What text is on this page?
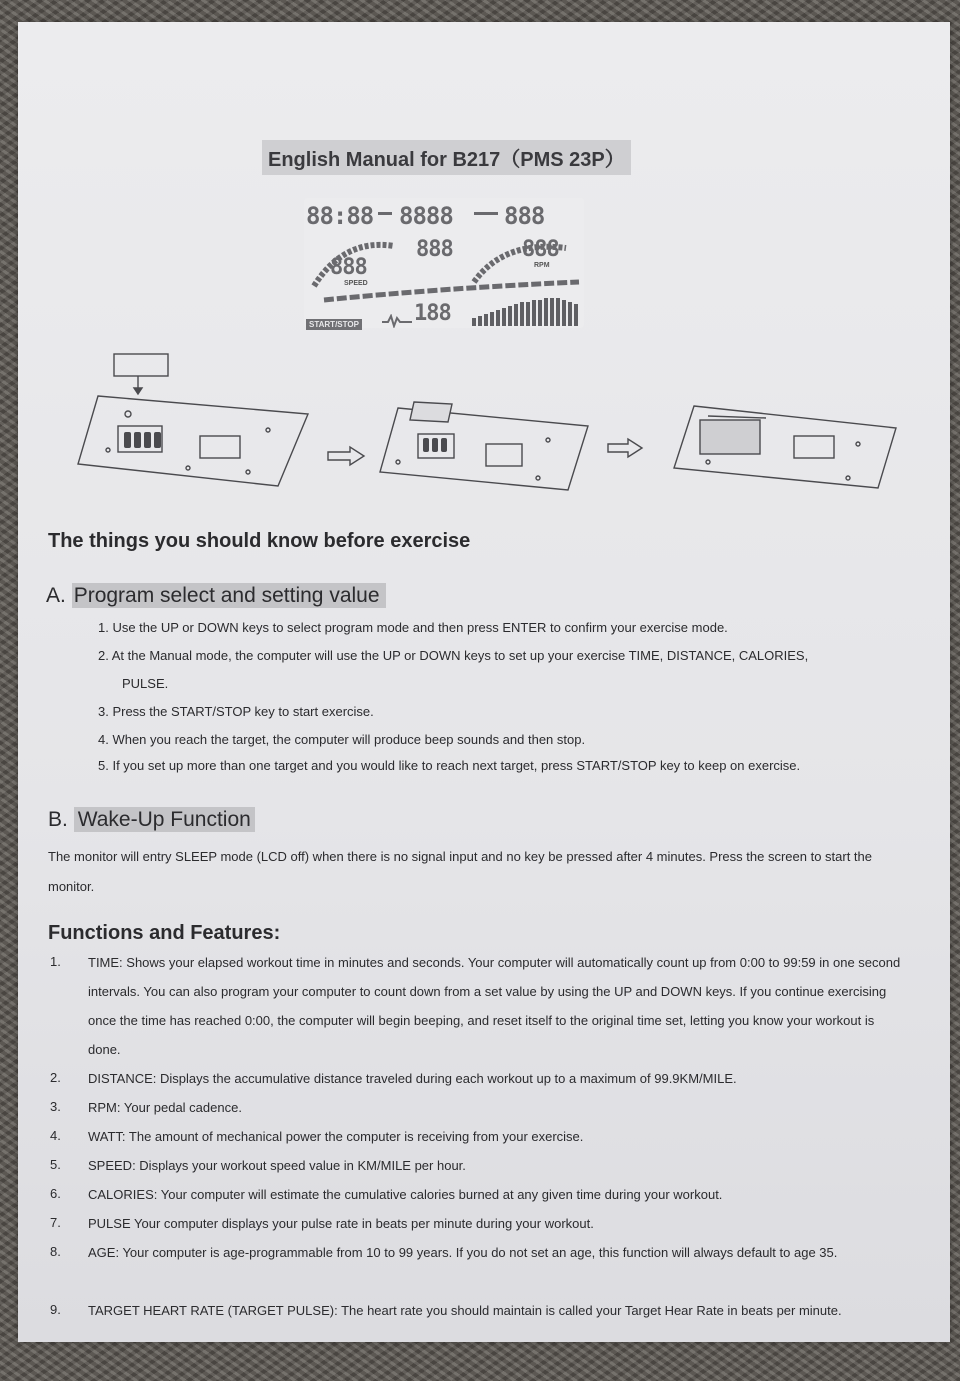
English Manual for B217（PMS 23P）
88:88 8888 888
888
SPEED
888	888
RPM
START/STOP	188
The things you should know before exercise
A. Program select and setting value
1. Use the UP or DOWN keys to select program mode and then press ENTER to confirm your exercise mode.
2. At the Manual mode, the computer will use the UP or DOWN keys to set up your exercise TIME, DISTANCE, CALORIES,
PULSE.
3. Press the START/STOP key to start exercise.
4. When you reach the target, the computer will produce beep sounds and then stop.
5. If you set up more than one target and you would like to reach next target, press START/STOP key to keep on exercise.
B. Wake-Up Function
The monitor will entry SLEEP mode (LCD off) when there is no signal input and no key be pressed after 4 minutes. Press the screen to start the monitor.
Functions and Features:
1. TIME: Shows your elapsed workout time in minutes and seconds. Your computer will automatically count up from 0:00 to 99:59 in one second intervals. You can also program your computer to count down from a set value by using the UP and DOWN keys. If you continue exercising once the time has reached 0:00, the computer will begin beeping, and reset itself to the original time set, letting you know your workout is done.
2. DISTANCE: Displays the accumulative distance traveled during each workout up to a maximum of 99.9KM/MILE.
3. RPM: Your pedal cadence.
4. WATT: The amount of mechanical power the computer is receiving from your exercise.
5. SPEED: Displays your workout speed value in KM/MILE per hour.
6. CALORIES: Your computer will estimate the cumulative calories burned at any given time during your workout.
7. PULSE Your computer displays your pulse rate in beats per minute during your workout.
8. AGE: Your computer is age-programmable from 10 to 99 years. If you do not set an age, this function will always default to age 35.
9. TARGET HEART RATE (TARGET PULSE): The heart rate you should maintain is called your Target Hear Rate in beats per minute.
